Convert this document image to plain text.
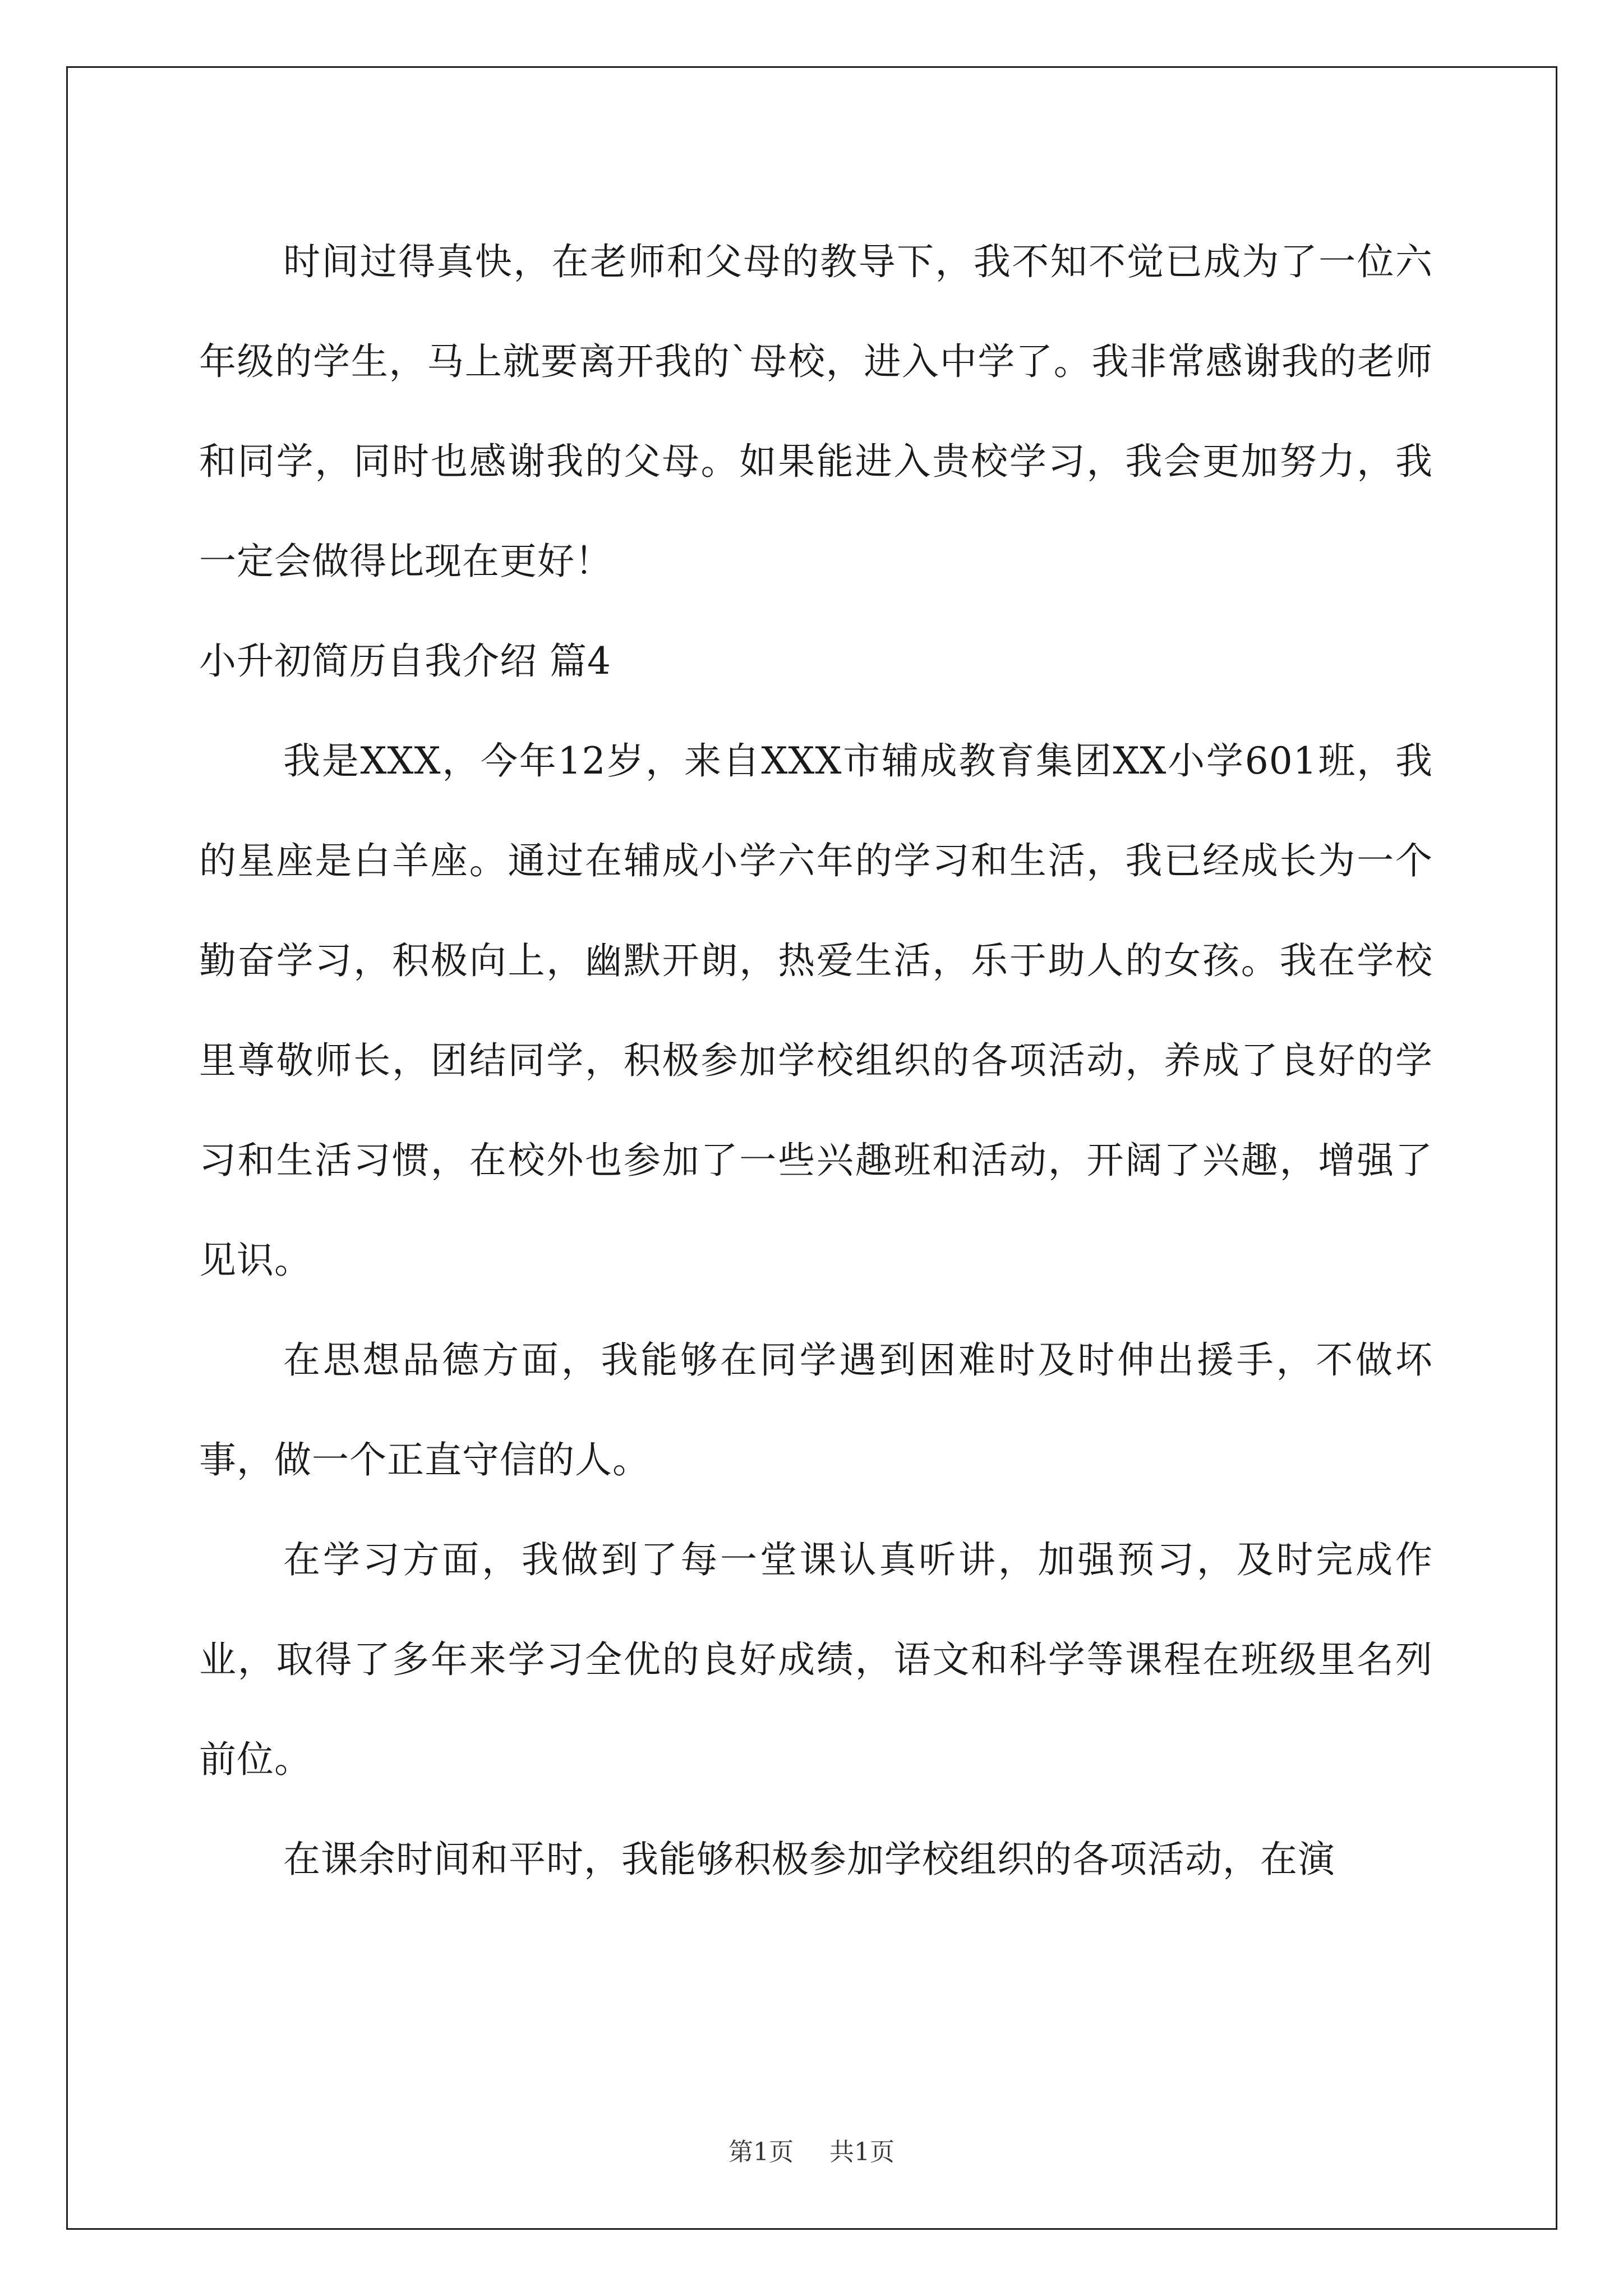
时间过得真快，在老师和父母的教导下，我不知不觉已成为了一位六年级的学生，马上就要离开我的`母校，进入中学了。我非常感谢我的老师和同学，同时也感谢我的父母。如果能进入贵校学习，我会更加努力，我一定会做得比现在更好！

小升初简历自我介绍 篇4

我是XXX，今年12岁，来自XXX市辅成教育集团XX小学601班，我的星座是白羊座。通过在辅成小学六年的学习和生活，我已经成长为一个勤奋学习，积极向上，幽默开朗，热爱生活，乐于助人的女孩。我在学校里尊敬师长，团结同学，积极参加学校组织的各项活动，养成了良好的学习和生活习惯，在校外也参加了一些兴趣班和活动，开阔了兴趣，增强了见识。

在思想品德方面，我能够在同学遇到困难时及时伸出援手，不做坏事，做一个正直守信的人。

在学习方面，我做到了每一堂课认真听讲，加强预习，及时完成作业，取得了多年来学习全优的良好成绩，语文和科学等课程在班级里名列前位。

在课余时间和平时，我能够积极参加学校组织的各项活动，在演

第1页 共1页
